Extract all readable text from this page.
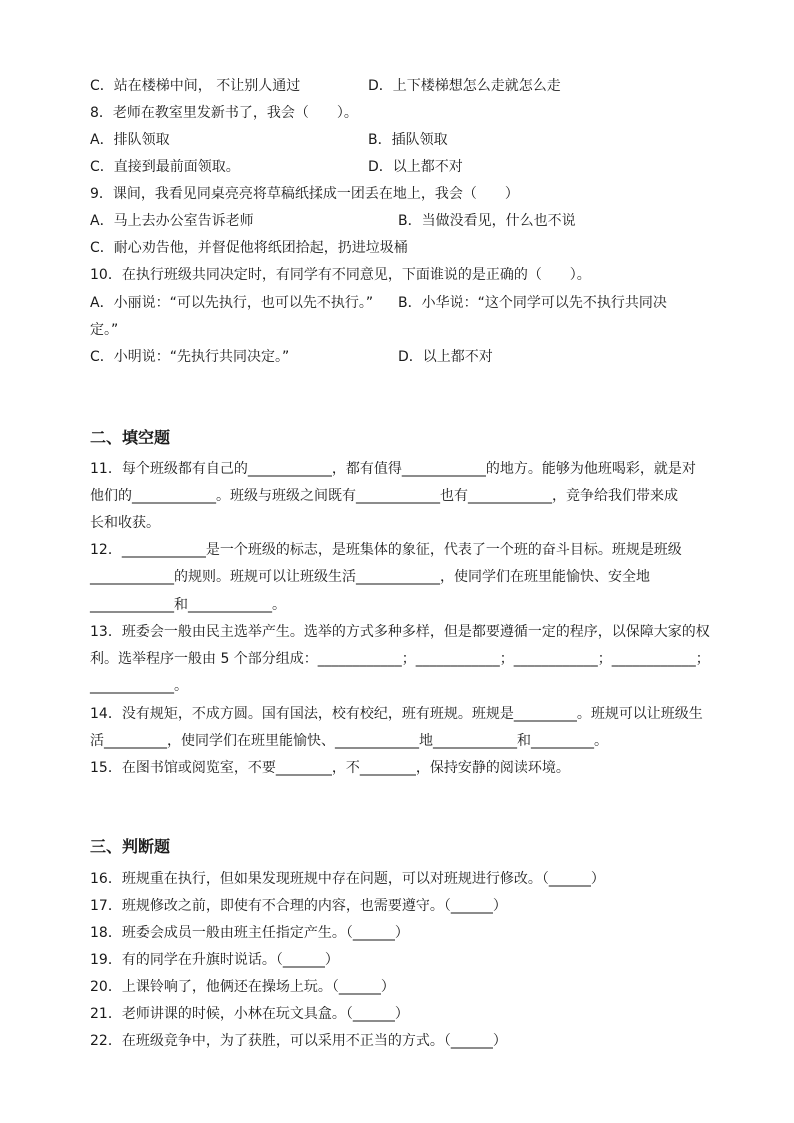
C．站在楼梯中间， 不让别人通过	D．上下楼梯想怎么走就怎么走
8．老师在教室里发新书了，我会（　　）。
A．排队领取	B．插队领取
C．直接到最前面领取。	D．以上都不对
9．课间，我看见同桌亮亮将草稿纸揉成一团丢在地上，我会（　　）
A．马上去办公室告诉老师	B．当做没看见，什么也不说
C．耐心劝告他，并督促他将纸团拾起，扔进垃圾桶
10．在执行班级共同决定时，有同学有不同意见，下面谁说的是正确的（　　）。
A．小丽说：“可以先执行，也可以先不执行。” B．小华说：“这个同学可以先不执行共同决
定。”
C．小明说：“先执行共同决定。”	D．以上都不对
二、填空题
11．每个班级都有自己的____________，都有值得____________的地方。能够为他班喝彩，就是对
他们的____________。班级与班级之间既有____________也有____________，竞争给我们带来成
长和收获。
12．____________是一个班级的标志，是班集体的象征，代表了一个班的奋斗目标。班规是班级
____________的规则。班规可以让班级生活____________，使同学们在班里能愉快、安全地
____________和____________。
13．班委会一般由民主选举产生。选举的方式多种多样，但是都要遵循一定的程序，以保障大家的权
利。选举程序一般由 5 个部分组成：____________；____________；____________；____________；
____________。
14．没有规矩，不成方圆。国有国法，校有校纪，班有班规。班规是_________。班规可以让班级生
活_________，使同学们在班里能愉快、____________地____________和_________。
15．在图书馆或阅览室，不要________，不________，保持安静的阅读环境。
三、判断题
16．班规重在执行，但如果发现班规中存在问题，可以对班规进行修改。（______）
17．班规修改之前，即使有不合理的内容，也需要遵守。（______）
18．班委会成员一般由班主任指定产生。（______）
19．有的同学在升旗时说话。（______）
20．上课铃响了，他俩还在操场上玩。（______）
21．老师讲课的时候，小林在玩文具盒。（______）
22．在班级竞争中，为了获胜，可以采用不正当的方式。（______）
